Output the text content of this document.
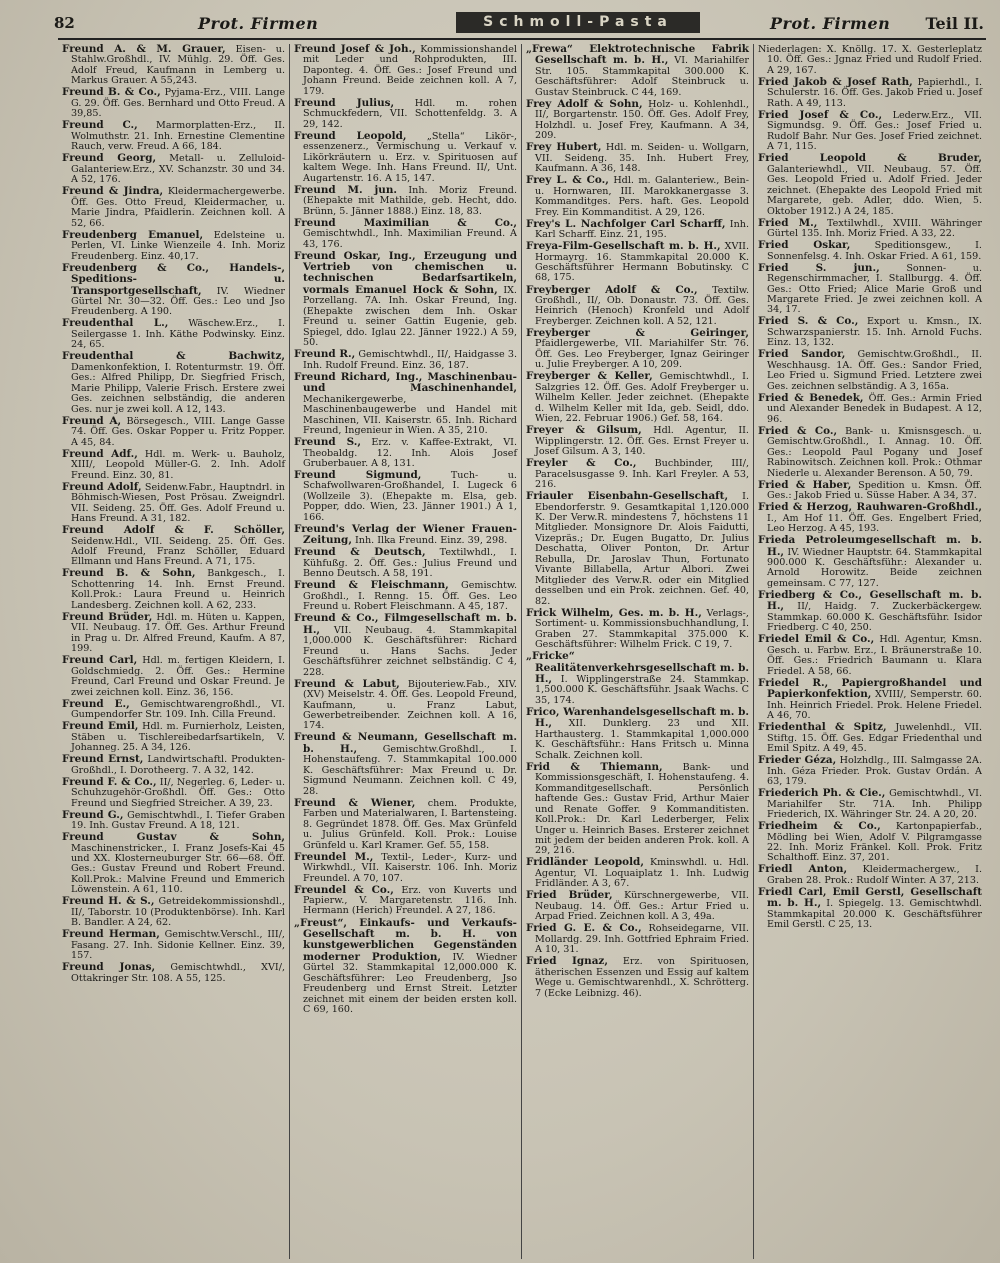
82	Prot. Firmen	Schmoll-Pasta	Prot. Firmen Teil II.
Freund A. & M. Grauer, Eisen- u. Stahlw.Großhdl., IV. Mühlg. 29. Öff. Ges. Adolf Freud, Kaufmann in Lemberg u. Markus Grauer. A 55,243.
Freund B. & Co., Pyjama-Erz., VIII. Lange G. 29. Öff. Ges. Bernhard und Otto Freud. A 39,85.
Freund C., Marmorplatten-Erz., II. Wolmuthstr. 21. Inh. Ernestine Clementine Rauch, verw. Freud. A 66, 184.
Freund Georg, Metall- u. Zelluloid-Galanteriew.Erz., XV. Schanzstr. 30 und 34. A 52, 176.
Freund & Jindra, Kleidermachergewerbe. Öff. Ges. Otto Freud, Kleidermacher, u. Marie Jindra, Pfaidlerin. Zeichnen koll. A 52, 66.
Freudenberg Emanuel, Edelsteine u. Perlen, VI. Linke Wienzeile 4. Inh. Moriz Freudenberg. Einz. 40,17.
Freudenberg & Co., Handels-, Speditions- u. Transportgesellschaft, IV. Wiedner Gürtel Nr. 30—32. Öff. Ges.: Leo und Jso Freudenberg. A 190.
Freudenthal L., Wäschew.Erz., I. Seilergasse 1. Inh. Käthe Podwinsky. Einz. 24, 65.
Freudenthal & Bachwitz, Damenkonfektion, I. Rotenturmstr. 19. Öff. Ges.: Alfred Philipp, Dr. Siegfried Frisch, Marie Philipp, Valerie Frisch. Erstere zwei Ges. zeichnen selbständig, die anderen Ges. nur je zwei koll. A 12, 143.
Freund A, Börsegesch., VIII. Lange Gasse 74. Öff. Ges. Oskar Popper u. Fritz Popper. A 45, 84.
Freund Adf., Hdl. m. Werk- u. Bauholz, XIII/, Leopold Müller-G. 2. Inh. Adolf Freund. Einz. 30, 81.
Freund Adolf, Seidenw.Fabr., Hauptndrl. in Böhmisch-Wiesen, Post Prösau. Zweigndrl. VII. Seideng. 25. Öff. Ges. Adolf Freund u. Hans Freund. A 31, 182.
Freund Adolf & F. Schöller, Seidenw.Hdl., VII. Seideng. 25. Öff. Ges. Adolf Freund, Franz Schöller, Eduard Ellmann und Hans Freund. A 71, 175.
Freund B. & Sohn, Bankgesch., I. Schottenring 14. Inh. Ernst Freund. Koll.Prok.: Laura Freund u. Heinrich Landesberg. Zeichnen koll. A 62, 233.
Freund Brüder, Hdl. m. Hüten u. Kappen, VII. Neubaug. 17. Öff. Ges. Arthur Freund in Prag u. Dr. Alfred Freund, Kaufm. A 87, 199.
Freund Carl, Hdl. m. fertigen Kleidern, I. Goldschmiedg. 2. Öff. Ges.: Hermine Freund, Carl Freund und Oskar Freund. Je zwei zeichnen koll. Einz. 36, 156.
Freund E., Gemischtwarengroßhdl., VI. Gumpendorfer Str. 109. Inh. Cilla Freund.
Freund Emil, Hdl. m. Furnierholz, Leisten, Stäben u. Tischlereibedarfsartikeln, V. Johanneg. 25. A 34, 126.
Freund Ernst, Landwirtschaftl. Produkten-Großhdl., I. Dorotheerg. 7. A 32, 142.
Freund F. & Co., II/, Negerleg. 6, Leder- u. Schuhzugehör-Großhdl. Öff. Ges.: Otto Freund und Siegfried Streicher. A 39, 23.
Freund G., Gemischtwhdl., I. Tiefer Graben 19. Inh. Gustav Freund. A 18, 121.
Freund Gustav & Sohn, Maschinenstricker., I. Franz Josefs-Kai 45 und XX. Klosterneuburger Str. 66—68. Öff. Ges.: Gustav Freund und Robert Freund. Koll.Prok.: Malvine Freund und Emmerich Löwenstein. A 61, 110.
Freund H. & S., Getreidekommissionshdl., II/, Taborstr. 10 (Produktenbörse). Inh. Karl B. Bandler. A 24, 62.
Freund Herman, Gemischtw.Verschl., III/, Fasang. 27. Inh. Sidonie Kellner. Einz. 39, 157.
Freund Jonas, Gemischtwhdl., XVI/, Ottakringer Str. 108. A 55, 125.
Freund Josef & Joh., Kommissionshandel mit Leder und Rohprodukten, III. Daponteg. 4. Öff. Ges.: Josef Freund und Johann Freund. Beide zeichnen koll. A 7, 179.
Freund Julius, Hdl. m. rohen Schmuckfedern, VII. Schottenfeldg. 3. A 29, 142.
Freund Leopold, „Stella“ Likör-, essenzenerz., Vermischung u. Verkauf v. Likörkräutern u. Erz. v. Spirituosen auf kaltem Wege. Inh. Hans Freund. II/, Unt. Augartenstr. 16. A 15, 147.
Freund M. jun. Inh. Moriz Freund. (Ehepakte mit Mathilde, geb. Hecht, ddo. Brünn, 5. Jänner 1888.) Einz. 18, 83.
Freund Maximilian & Co., Gemischtwhdl., Inh. Maximilian Freund. A 43, 176.
Freund Oskar, Ing., Erzeugung und Vertrieb von chemischen u. technischen Bedarfsartikeln, vormals Emanuel Hock & Sohn, IX. Porzellang. 7A. Inh. Oskar Freund, Ing. (Ehepakte zwischen dem Inh. Oskar Freund u. seiner Gattin Eugenie, geb. Spiegel, ddo. Iglau 22. Jänner 1922.) A 59, 50.
Freund R., Gemischtwhdl., II/, Haidgasse 3. Inh. Rudolf Freund. Einz. 36, 187.
Freund Richard, Ing., Maschinenbau- und Maschinenhandel, Mechanikergewerbe, Maschinenbaugewerbe und Handel mit Maschinen, VII. Kaiserstr. 65. Inh. Richard Freund, Ingenieur in Wien. A 35, 210.
Freund S., Erz. v. Kaffee-Extrakt, VI. Theobaldg. 12. Inh. Alois Josef Gruberbauer. A 8, 131.
Freund Sigmund,	Tuch- u. Schafwollwaren-Großhandel, I. Lugeck 6 (Wollzeile 3). (Ehepakte m. Elsa, geb. Popper, ddo. Wien, 23. Jänner 1901.) A 1, 166.
Freund's Verlag der Wiener Frauen-Zeitung, Inh. Ilka Freund. Einz. 39, 298.
Freund & Deutsch, Textilwhdl., I. Kühfußg. 2. Öff. Ges.: Julius Freund und Benno Deutsch. A 58, 191.
Freund & Fleischmann, Gemischtw. Großhdl., I. Renng. 15. Öff. Ges. Leo Freund u. Robert Fleischmann. A 45, 187.
Freund & Co., Filmgesellschaft m. b. H., VII. Neubaug. 4. Stammkapital 1,000.000 K. Geschäftsführer: Richard Freund u. Hans Sachs. Jeder Geschäftsführer zeichnet selbständig. C 4, 228.
Freund & Labut, Bijouteriew.Fab., XIV. (XV) Meiselstr. 4. Öff. Ges. Leopold Freund, Kaufmann, u. Franz Labut, Gewerbetreibender. Zeichnen koll. A 16, 174.
Freund & Neumann, Gesellschaft m. b. H.,	Gemischtw.Großhdl., I. Hohenstaufeng. 7. Stammkapital 100.000 K. Geschäftsführer: Max Freund u. Dr. Sigmund Neumann. Zeichnen koll. C 49, 28.
Freund & Wiener, chem. Produkte, Farben und Materialwaren, I. Bartensteing. 8. Gegründet 1878. Öff. Ges. Max Grünfeld u. Julius Grünfeld. Koll. Prok.: Louise Grünfeld u. Karl Kramer. Gef. 55, 158.
Freundel M., Textil-, Leder-, Kurz- und Wirkwhdl., VII. Kaiserstr. 106. Inh. Moriz Freundel. A 70, 107.
Freundel & Co., Erz. von Kuverts und Papierw., V. Margaretenstr. 116. Inh. Hermann (Herich) Freundel. A 27, 186.
„Freust“, Einkaufs- und Verkaufs-Gesellschaft m. b. H. von kunstgewerblichen Gegenständen moderner Produktion, IV. Wiedner Gürtel 32. Stammkapital 12,000.000 K. Geschäftsführer: Leo Freudenberg, Jso Freudenberg und Ernst Streit. Letzter zeichnet mit einem der beiden ersten koll. C 69, 160.
„Frewa“ Elektrotechnische Fabrik Gesellschaft m. b. H., VI. Mariahilfer Str. 105. Stammkapital 300.000 K. Geschäftsführer: Adolf Steinbruck u. Gustav Steinbruck. C 44, 169.
Frey Adolf & Sohn, Holz- u. Kohlenhdl., II/, Borgartenstr. 150. Öff. Ges. Adolf Frey, Holzhdl. u. Josef Frey, Kaufmann. A 34, 209.
Frey Hubert, Hdl. m. Seiden- u. Wollgarn, VII. Seideng. 35. Inh. Hubert Frey, Kaufmann. A 36, 148.
Frey L. & Co., Hdl. m. Galanteriew., Bein- u. Hornwaren, III. Marokkanergasse 3. Kommanditges. Pers. haft. Ges. Leopold Frey. Ein Kommanditist. A 29, 126.
Frey's L. Nachfolger Carl Scharff, Inh. Karl Scharff. Einz. 21, 195.
Freya-Film-Gesellschaft m. b. H., XVII. Hormayrg. 16. Stammkapital 20.000 K. Geschäftsführer Hermann Bobutinsky. C 68, 175.
Freyberger Adolf & Co., Textilw. Großhdl., II/, Ob. Donaustr. 73. Öff. Ges. Heinrich (Henoch) Kronfeld und Adolf Freyberger. Zeichnen koll. A 52, 121.
Freyberger & Geiringer, Pfaidlergewerbe, VII. Mariahilfer Str. 76. Öff. Ges. Leo Freyberger, Ignaz Geiringer u. Julie Freyberger. A 10, 209.
Freyberger & Keller, Gemischtwhdl., I. Salzgries 12. Öff. Ges. Adolf Freyberger u. Wilhelm Keller. Jeder zeichnet. (Ehepakte d. Wilhelm Keller mit Ida, geb. Seidl, ddo. Wien, 22. Februar 1906.) Gef. 58, 164.
Freyer & Gilsum, Hdl. Agentur, II. Wipplingerstr. 12. Öff. Ges. Ernst Freyer u. Josef Gilsum. A 3, 140.
Freyler & Co., Buchbinder, III/, Paracelsusgasse 9. Inh. Karl Freyler. A 53, 216.
Friauler Eisenbahn-Gesellschaft, I. Ebendorferstr. 9. Gesamtkapital 1,120.000 K. Der Verw.R. mindestens 7, höchstens 11 Mitglieder. Monsignore Dr. Alois Faidutti, Vizepräs.; Dr. Eugen Bugatto, Dr. Julius Deschatta, Oliver Ponton, Dr. Artur Rebulla, Dr. Jaroslav Thun, Fortunato Vivante Billabella, Artur Albori. Zwei Mitglieder des Verw.R. oder ein Mitglied desselben und ein Prok. zeichnen. Gef. 40, 82.
Frick Wilhelm, Ges. m. b. H., Verlags-, Sortiment- u. Kommissionsbuchhandlung, I. Graben 27. Stammkapital 375.000 K. Geschäftsführer: Wilhelm Frick. C 19, 7.
„Fricke“ Realitätenverkehrsgesellschaft m. b. H., I. Wipplingerstraße 24. Stammkap. 1,500.000 K. Geschäftsführ. Jsaak Wachs. C 35, 174.
Frico, Warenhandelsgesellschaft m. b. H., XII. Dunklerg. 23 und XII. Harthausterg. 1. Stammkapital 1,000.000 K. Geschäftsführ.: Hans Fritsch u. Minna Schalk. Zeichnen koll.
Frid & Thiemann, Bank- und Kommissionsgeschäft, I. Hohenstaufeng. 4. Kommanditgesellschaft. Persönlich haftende Ges.: Gustav Frid, Arthur Maier und Renate Goffer. 9 Kommanditisten. Koll.Prok.: Dr. Karl Lederberger, Felix Unger u. Heinrich Bases. Ersterer zeichnet mit jedem der beiden anderen Prok. koll. A 29, 216.
Fridländer Leopold, Kminswhdl. u. Hdl. Agentur, VI. Loquaiplatz 1. Inh. Ludwig Fridländer. A 3, 67.
Fried Brüder, Kürschnergewerbe, VII. Neubaug. 14. Öff. Ges.: Artur Fried u. Arpad Fried. Zeichnen koll. A 3, 49a.
Fried G. E. & Co., Rohseidegarne, VII. Mollardg. 29. Inh. Gottfried Ephraim Fried. A 10, 31.
Fried Ignaz, Erz. von Spirituosen, ätherischen Essenzen und Essig auf kaltem Wege u. Gemischtwarenhdl., X. Schrötterg. 7 (Ecke Leibnizg. 46).
Niederlagen: X. Knöllg. 17. X. Gesterleplatz 10. Öff. Ges.: Jgnaz Fried und Rudolf Fried. A 29, 167.
Fried Jakob & Josef Rath, Papierhdl., I. Schulerstr. 16. Öff. Ges. Jakob Fried u. Josef Rath. A 49, 113.
Fried Josef & Co., Lederw.Erz., VII. Sigmundsg. 9. Öff. Ges.: Josef Fried u. Rudolf Bahr. Nur Ges. Josef Fried zeichnet. A 71, 115.
Fried Leopold & Bruder, Galanteriewhdl., VII. Neubaug. 57. Öff. Ges. Leopold Fried u. Adolf Fried. Jeder zeichnet. (Ehepakte des Leopold Fried mit Margarete, geb. Adler, ddo. Wien, 5. Oktober 1912.) A 24, 185.
Fried M., Textilwhdl., XVIII. Währinger Gürtel 135. Inh. Moriz Fried. A 33, 22.
Fried Oskar,	Speditionsgew., I. Sonnenfelsg. 4. Inh. Oskar Fried. A 61, 159.
Fried S. jun.,	Sonnen- u. Regenschirmmacher, I. Stallburgg. 4. Öff. Ges.: Otto Fried; Alice Marie Groß und Margarete Fried. Je zwei zeichnen koll. A 34, 17.
Fried S. & Co., Export u. Kmsn., IX. Schwarzspanierstr. 15. Inh. Arnold Fuchs. Einz. 13, 132.
Fried Sandor, Gemischtw.Großhdl., II. Weschhausg. 1A. Öff. Ges.: Sandor Fried, Leo Fried u. Sigmund Fried. Letztere zwei Ges. zeichnen selbständig. A 3, 165a.
Fried & Benedek, Öff. Ges.: Armin Fried und Alexander Benedek in Budapest. A 12, 96.
Fried & Co., Bank- u. Kmisnsgesch. u. Gemischtw.Großhdl., I. Annag. 10. Öff. Ges.: Leopold Paul Pogany und Josef Rabinowitsch. Zeichnen koll. Prok.: Othmar Niederle u. Alexander Berenson. A 50, 79.
Fried & Haber, Spedition u. Kmsn. Öff. Ges.: Jakob Fried u. Süsse Haber. A 34, 37.
Fried & Herzog, Rauhwaren-Großhdl., I., Am Hof 11. Öff. Ges. Engelbert Fried, Leo Herzog. A 45, 193.
Frieda Petroleumgesellschaft m. b. H., IV. Wiedner Hauptstr. 64. Stammkapital 900.000 K. Geschäftsführ.: Alexander u. Arnold Horowitz. Beide zeichnen gemeinsam. C 77, 127.
Friedberg & Co., Gesellschaft m. b. H., II/, Haidg. 7. Zuckerbäckergew. Stammkap. 60.000 K. Geschäftsführ. Isidor Friedberg. C 40, 250.
Friedel Emil & Co., Hdl. Agentur, Kmsn. Gesch. u. Farbw. Erz., I. Bräunerstraße 10. Öff. Ges.: Friedrich Baumann u. Klara Friedel. A 58, 66.
Friedel R., Papiergroßhandel und Papierkonfektion, XVIII/, Semperstr. 60. Inh. Heinrich Friedel. Prok. Helene Friedel. A 46, 70.
Friedenthal & Spitz, Juwelenhdl., VII. Stiftg. 15. Öff. Ges. Edgar Friedenthal und Emil Spitz. A 49, 45.
Frieder Géza, Holzhdlg., III. Salmgasse 2A. Inh. Géza Frieder. Prok. Gustav Ordán. A 63, 179.
Friederich Ph. & Cie., Gemischtwhdl., VI. Mariahilfer Str. 71A. Inh. Philipp Friederich, IX. Währinger Str. 24. A 20, 20.
Friedheim & Co., Kartonpapierfab., Mödling bei Wien, Adolf V. Pilgramgasse 22. Inh. Moriz Fränkel. Koll. Prok. Fritz Schalthoff. Einz. 37, 201.
Friedl Anton, Kleidermachergew., I. Graben 28. Prok.: Rudolf Winter. A 37, 213.
Friedl Carl, Emil Gerstl, Gesellschaft m. b. H., I. Spiegelg. 13. Gemischtwhdl. Stammkapital 20.000 K. Geschäftsführer Emil Gerstl. C 25, 13.
